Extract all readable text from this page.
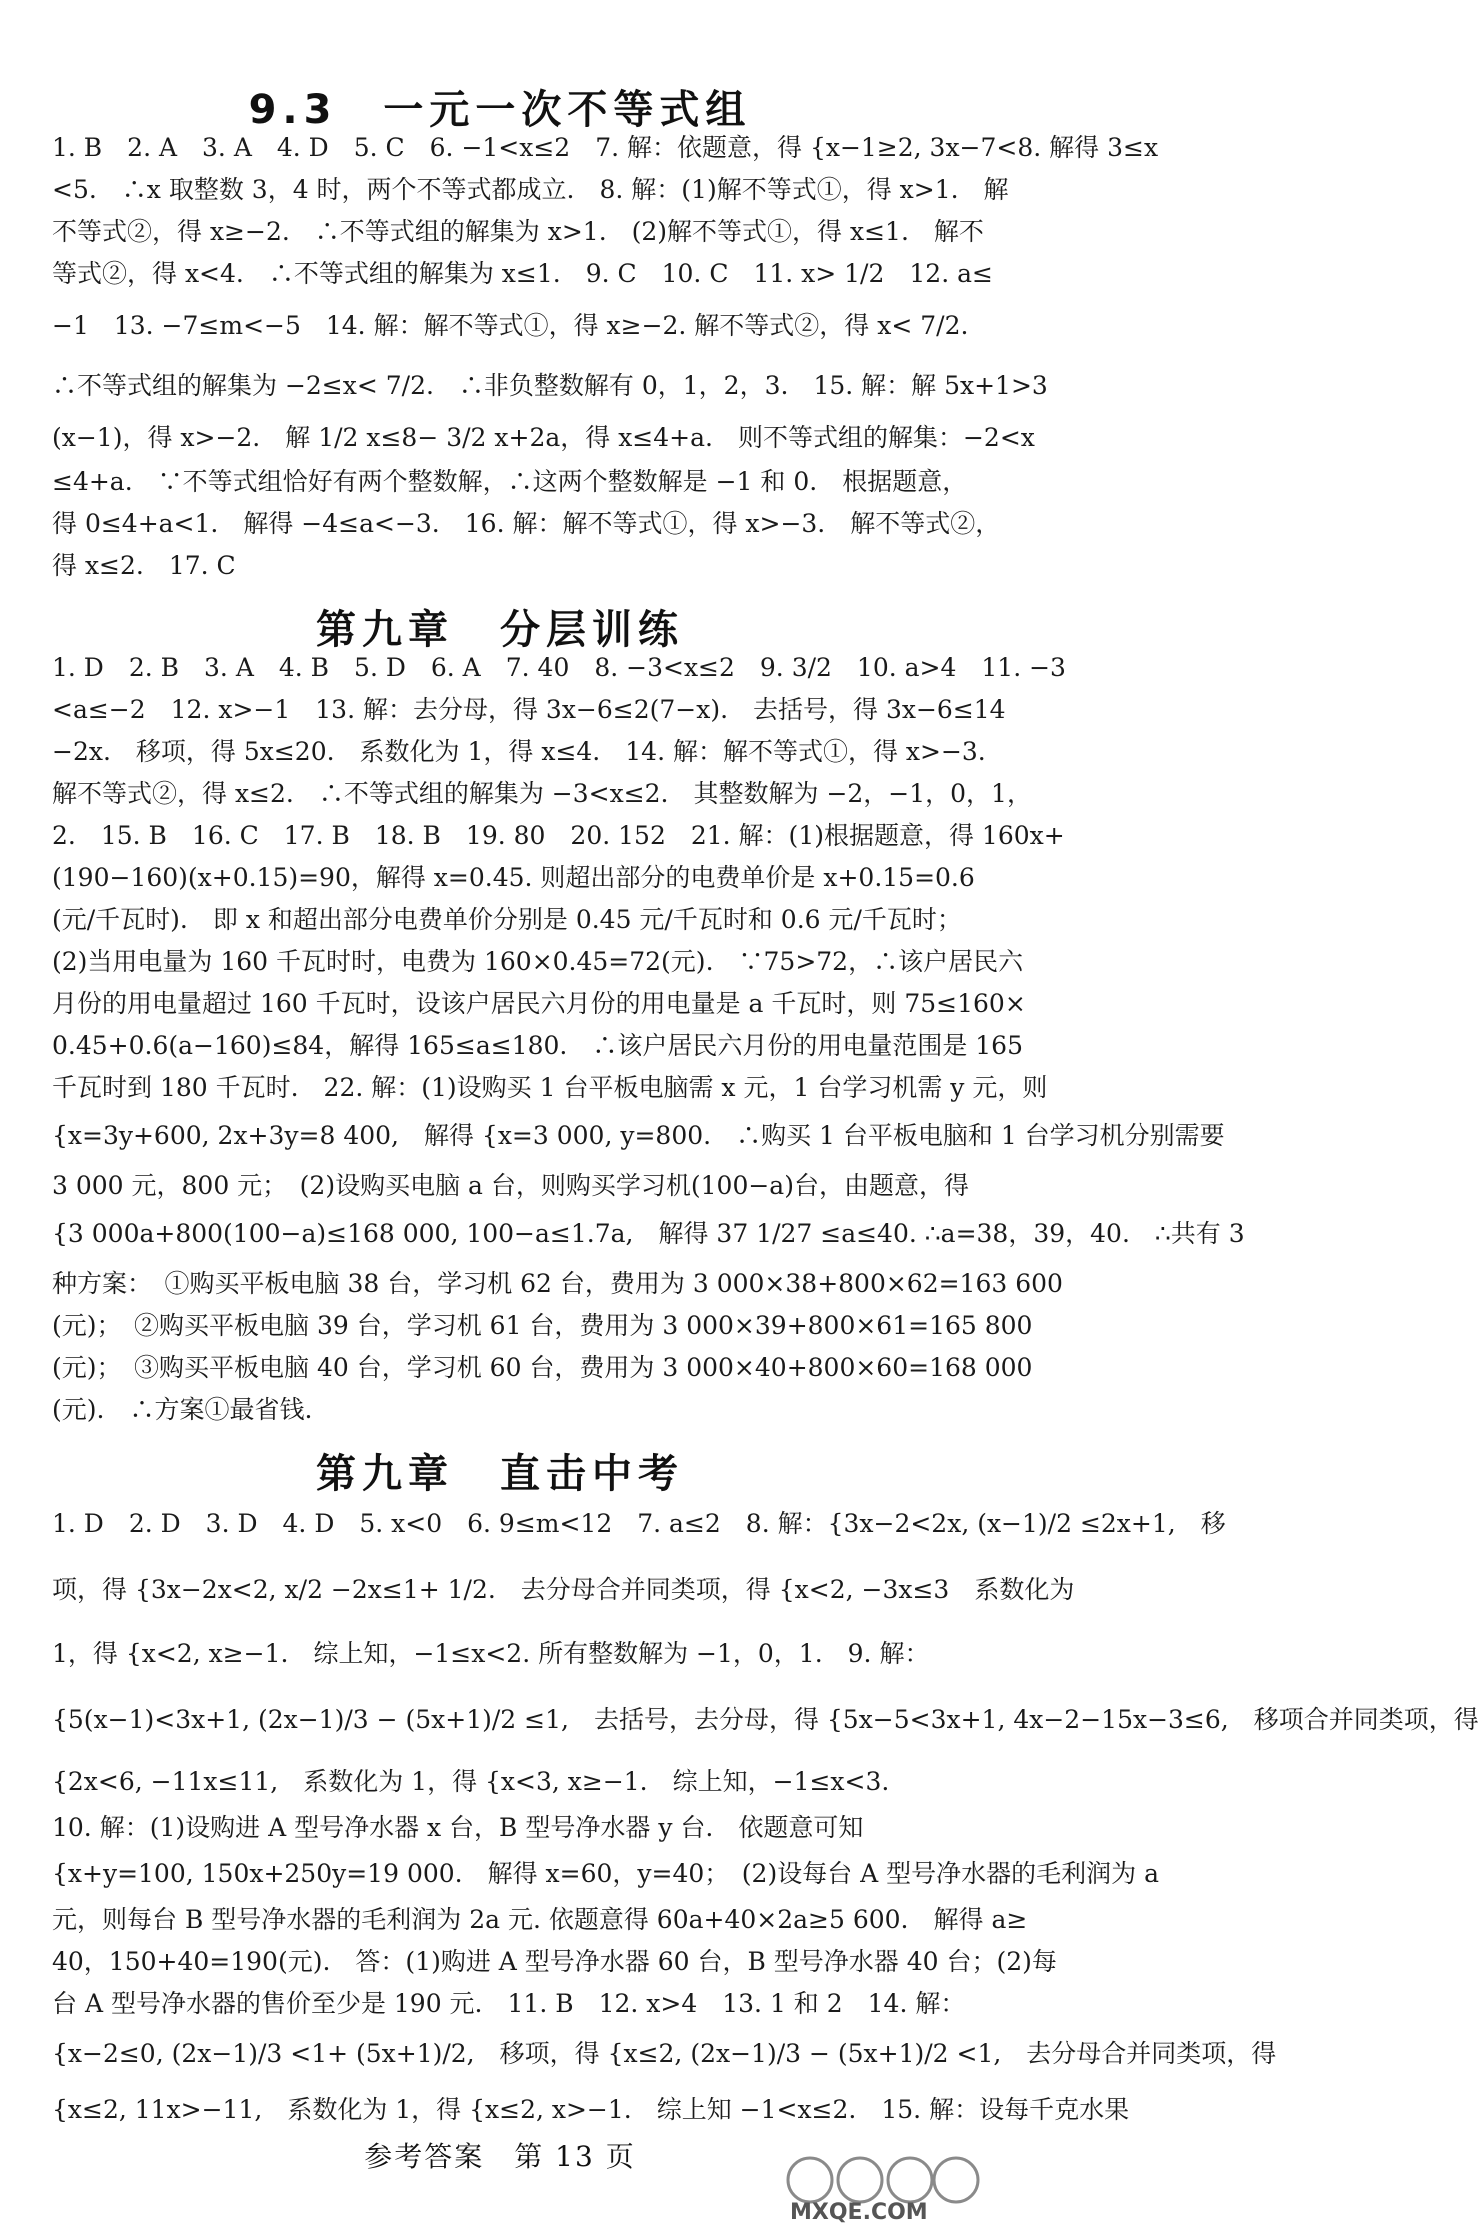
9.3　一元一次不等式组
1. B　2. A　3. A　4. D　5. C　6. −1<x≤2　7. 解：依题意，得 {x−1≥2, 3x−7<8. 解得 3≤x
<5.　∴x 取整数 3，4 时，两个不等式都成立.　8. 解：(1)解不等式①，得 x>1.　解
不等式②，得 x≥−2.　∴不等式组的解集为 x>1.　(2)解不等式①，得 x≤1.　解不
等式②，得 x<4.　∴不等式组的解集为 x≤1.　9. C　10. C　11. x> 1/2　12. a≤
−1　13. −7≤m<−5　14. 解：解不等式①，得 x≥−2. 解不等式②，得 x< 7/2.
∴不等式组的解集为 −2≤x< 7/2.　∴非负整数解有 0，1，2，3.　15. 解：解 5x+1>3
(x−1)，得 x>−2.　解 1/2 x≤8− 3/2 x+2a，得 x≤4+a.　则不等式组的解集：−2<x
≤4+a.　∵不等式组恰好有两个整数解，∴这两个整数解是 −1 和 0.　根据题意，
得 0≤4+a<1.　解得 −4≤a<−3.　16. 解：解不等式①，得 x>−3.　解不等式②，
得 x≤2.　17. C
第九章　分层训练
1. D　2. B　3. A　4. B　5. D　6. A　7. 40　8. −3<x≤2　9. 3/2　10. a>4　11. −3
<a≤−2　12. x>−1　13. 解：去分母，得 3x−6≤2(7−x).　去括号，得 3x−6≤14
−2x.　移项，得 5x≤20.　系数化为 1，得 x≤4.　14. 解：解不等式①，得 x>−3.
解不等式②，得 x≤2.　∴不等式组的解集为 −3<x≤2.　其整数解为 −2，−1，0，1，
2.　15. B　16. C　17. B　18. B　19. 80　20. 152　21. 解：(1)根据题意，得 160x+
(190−160)(x+0.15)=90，解得 x=0.45. 则超出部分的电费单价是 x+0.15=0.6
(元/千瓦时).　即 x 和超出部分电费单价分别是 0.45 元/千瓦时和 0.6 元/千瓦时；
(2)当用电量为 160 千瓦时时，电费为 160×0.45=72(元).　∵75>72，∴该户居民六
月份的用电量超过 160 千瓦时，设该户居民六月份的用电量是 a 千瓦时，则 75≤160×
0.45+0.6(a−160)≤84，解得 165≤a≤180.　∴该户居民六月份的用电量范围是 165
千瓦时到 180 千瓦时.　22. 解：(1)设购买 1 台平板电脑需 x 元，1 台学习机需 y 元，则
{x=3y+600, 2x+3y=8 400,　解得 {x=3 000, y=800.　∴购买 1 台平板电脑和 1 台学习机分别需要
3 000 元，800 元；　(2)设购买电脑 a 台，则购买学习机(100−a)台，由题意，得
{3 000a+800(100−a)≤168 000, 100−a≤1.7a,　解得 37 1/27 ≤a≤40. ∴a=38，39，40.　∴共有 3
种方案：　①购买平板电脑 38 台，学习机 62 台，费用为 3 000×38+800×62=163 600
(元)；　②购买平板电脑 39 台，学习机 61 台，费用为 3 000×39+800×61=165 800
(元)；　③购买平板电脑 40 台，学习机 60 台，费用为 3 000×40+800×60=168 000
(元).　∴方案①最省钱.
第九章　直击中考
1. D　2. D　3. D　4. D　5. x<0　6. 9≤m<12　7. a≤2　8. 解：{3x−2<2x, (x−1)/2 ≤2x+1,　移
项，得 {3x−2x<2, x/2 −2x≤1+ 1/2.　去分母合并同类项，得 {x<2, −3x≤3　系数化为
1，得 {x<2, x≥−1.　综上知，−1≤x<2. 所有整数解为 −1，0，1.　9. 解：
{5(x−1)<3x+1, (2x−1)/3 − (5x+1)/2 ≤1,　去括号，去分母，得 {5x−5<3x+1, 4x−2−15x−3≤6,　移项合并同类项，得
{2x<6, −11x≤11,　系数化为 1，得 {x<3, x≥−1.　综上知，−1≤x<3.
10. 解：(1)设购进 A 型号净水器 x 台，B 型号净水器 y 台.　依题意可知
{x+y=100, 150x+250y=19 000.　解得 x=60，y=40；　(2)设每台 A 型号净水器的毛利润为 a
元，则每台 B 型号净水器的毛利润为 2a 元. 依题意得 60a+40×2a≥5 600.　解得 a≥
40，150+40=190(元).　答：(1)购进 A 型号净水器 60 台，B 型号净水器 40 台；(2)每
台 A 型号净水器的售价至少是 190 元.　11. B　12. x>4　13. 1 和 2　14. 解：
{x−2≤0, (2x−1)/3 <1+ (5x+1)/2,　移项，得 {x≤2, (2x−1)/3 − (5x+1)/2 <1,　去分母合并同类项，得
{x≤2, 11x>−11,　系数化为 1，得 {x≤2, x>−1.　综上知 −1<x≤2.　15. 解：设每千克水果
参考答案　第 13 页
MXQE.COM
